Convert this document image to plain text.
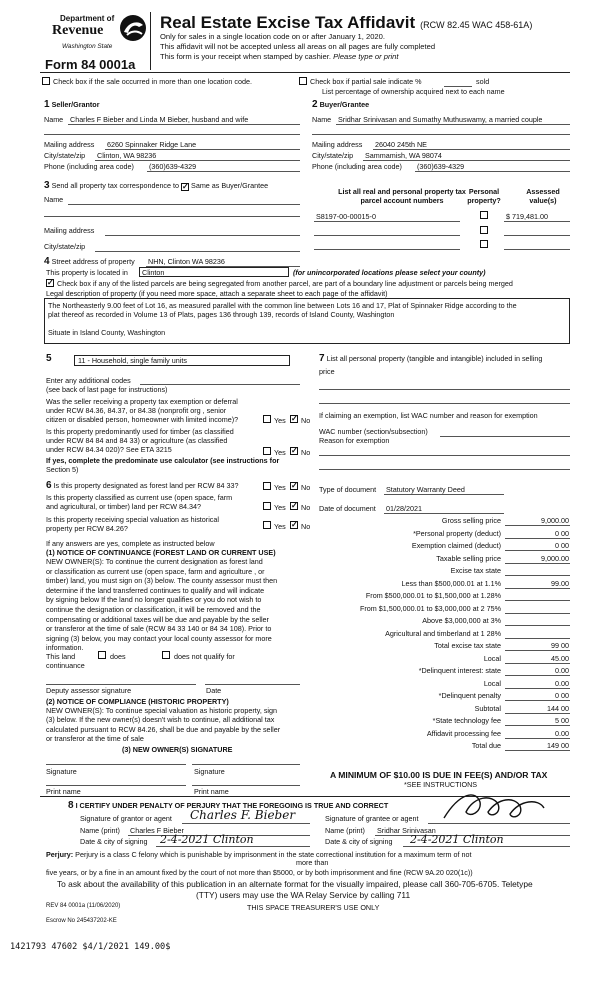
Department of
Revenue
Washington State
Form 84 0001a
Real Estate Excise Tax Affidavit (RCW 82.45 WAC 458-61A)
Only for sales in a single location code on or after January 1, 2020.
This affidavit will not be accepted unless all areas on all pages are fully completed
This form is your receipt when stamped by cashier. Please type or print
Check box if the sale occurred in more than one location code.	Check box if partial sale indicate %	sold
List percentage of ownership acquired next to each name
1 Seller/Grantor
Name Charles F Bieber and Linda M Bieber, husband and wife
Mailing address 6260 Spinnaker Ridge Lane
City/state/zip Clinton, WA 98236
Phone (including area code) (360)639-4329
2 Buyer/Grantee
Name Sridhar Srinivasan and Sumathy Muthuswamy, a married couple
Mailing address 26040 245th NE
City/state/zip Sammamish, WA 98074
Phone (including area code) (360)639-4329
3 Send all property tax correspondence to ✓ Same as Buyer/Grantee
Name
Mailing address
City/state/zip
List all real and personal property tax
parcel account numbers
Personal
property?
Assessed
value(s)
S8197-00-00015-0	$ 719,481.00
4 Street address of property NHN, Clinton WA 98236
This property is located in	Clinton	(for unincorporated locations please select your county)
✓ Check box if any of the listed parcels are being segregated from another parcel, are part of a boundary line adjustment or parcels being merged
Legal description of property (if you need more space, attach a separate sheet to each page of the affidavit)
The Northeasterly 9.00 feet of Lot 16, as measured parallel with the common line between Lots 16 and 17, Plat of Spinnaker Ridge according to the
plat thereof as recorded in Volume 13 of Plats, pages 136 through 139, records of Island County, Washington
Situate in Island County, Washington
5	11 - Household, single family units
Enter any additional codes
(see back of last page for instructions)
Was the seller receiving a property tax exemption or deferral
under RCW 84.36, 84.37, or 84.38 (nonprofit org , senior
citizen or disabled person, homeowner with limited income)?	Yes ✓ No
Is this property predominantly used for timber (as classified
under RCW 84 84 and 84 33) or agriculture (as classified
under RCW 84.34 020)? See ETA 3215	Yes ✓ No
If yes, complete the predominate use calculator (see instructions for
Section 5)
6 Is this property designated as forest land per RCW 84 33?	Yes ✓ No
Is this property classified as current use (open space, farm
and agricultural, or timber) land per RCW 84.34?	Yes ✓ No
Is this property receiving special valuation as historical
property per RCW 84.26?	Yes ✓ No
If any answers are yes, complete as instructed below
(1) NOTICE OF CONTINUANCE (FOREST LAND OR CURRENT USE)
NEW OWNER(S): To continue the current designation as forest land
or classification as current use (open space, farm and agriculture , or
timber) land, you must sign on (3) below. The county assessor must then
determine if the land transferred continues to qualify and will indicate
by signing below If the land no longer qualifies or you do not wish to
continue the designation or classification, it will be removed and the
compensating or additional taxes will be due and payable by the seller
or transferor at the time of sale (RCW 84 33 140 or 84 34 108). Prior to
signing (3) below, you may contact your local county assessor for more
information.
This land	does	does not qualify for
continuance
Deputy assessor signature	Date
(2) NOTICE OF COMPLIANCE (HISTORIC PROPERTY)
NEW OWNER(S): To continue special valuation as historic property, sign
(3) below. If the new owner(s) doesn't wish to continue, all additional tax
calculated pursuant to RCW 84.26, shall be due and payable by the seller
or transferor at the time of sale
(3) NEW OWNER(S) SIGNATURE
Signature	Signature
Print name	Print name
7 List all personal property (tangible and intangible) included in selling
price
If claiming an exemption, list WAC number and reason for exemption
WAC number (section/subsection)
Reason for exemption
Type of document Statutory Warranty Deed
Date of document 01/28/2021
Gross selling price	9,000.00
*Personal property (deduct)	0 00
Exemption claimed (deduct)	0 00
Taxable selling price	9,000.00
Excise tax state
Less than $500,000.01 at 1.1%	99.00
From $500,000.01 to $1,500,000 at 1.28%
From $1,500,000.01 to $3,000,000 at 2 75%
Above $3,000,000 at 3%
Agricultural and timberland at 1 28%
Total excise tax state	99 00
Local	45.00
*Delinquent interest: state	0.00
Local	0.00
*Delinquent penalty	0 00
Subtotal	144 00
*State technology fee	5 00
Affidavit processing fee	0.00
Total due	149 00
A MINIMUM OF $10.00 IS DUE IN FEE(S) AND/OR TAX
*SEE INSTRUCTIONS
8 I CERTIFY UNDER PENALTY OF PERJURY THAT THE FOREGOING IS TRUE AND CORRECT
Signature of grantor or agent Charles F. Bieber
Name (print) Charles F Bieber
Date & city of signing 2-4-2021 Clinton
Signature of grantee or agent
Name (print) Sridhar Srinivasan
Date & city of signing 2-4-2021 Clinton
Perjury: Perjury is a class C felony which is punishable by imprisonment in the state correctional institution for a maximum term of not
more than
five years, or by a fine in an amount fixed by the court of not more than $5000, or by both imprisonment and fine (RCW 9A.20 020(1c))
To ask about the availability of this publication in an alternate format for the visually impaired, please call 360-705-6705. Teletype
(TTY) users may use the WA Relay Service by calling 711
REV 84 0001a (11/06/2020)	THIS SPACE TREASURER'S USE ONLY
Escrow No 245437202-KE
1421793 47602 $4/1/2021 149.00$
